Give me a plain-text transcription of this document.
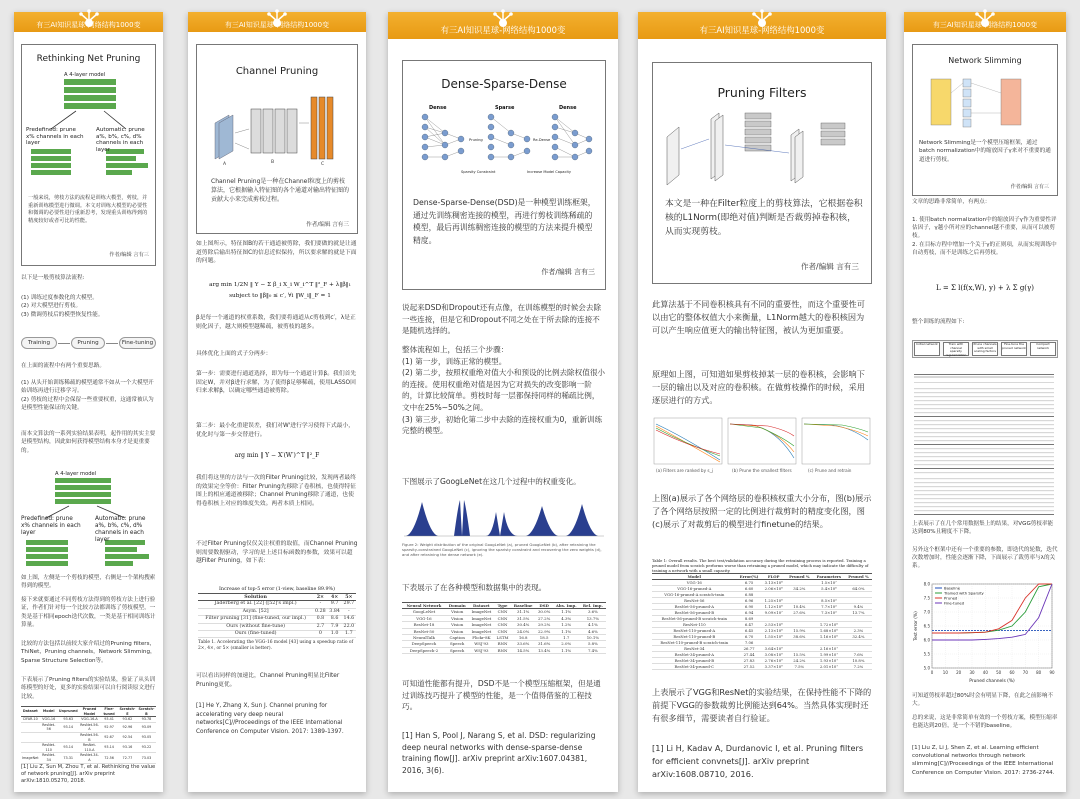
有三AI知识星球-网络结构1000变
Rethinking Net Pruning
A 4-layer model
Predefined: prune x% channels in each layer
Automatic: prune a%, b%, c%, d% channels in each layer
一般来说，剪枝方法的流程是训练大模型，剪枝，并重新训练模型进行微调。本文对训练大模型的必要性和微调的必要性进行重新思考，发现重头训练得到的精度较好或者可比的性能。
作者/编辑 言有三
以下是一般剪枝算法流程:
(1) 训练过度参数化的大模型。
(2) 对大模型进行剪枝。
(3) 微调剪枝后的模型恢复性能。
Training	Pruning	Fine-tuning
在上面的流程中有两个重要思路。
(1) 从头开始训练稀疏的模型通常不如从一个大模型开始训练再进行迁移学习。
(2) 剪枝的过程中会保留一些重要权重，这通常被认为是模型性能保证的关键。
而本文算法的一系列实验结果表明，起作用的其实主要是模型结构，因此如何获得模型结构本身才是更重要的。
A 4-layer model
Predefined: prune x% channels in each layer
Automatic: prune a%, b%, c%, d% channels in each layer
如上图，左侧是一个剪枝的模型，右侧是一个架构搜索得到的模型。
接下来就要通过不同剪枝方法得到的剪枝方法上进行验证，作者们针对每一个比较方法都训练了剪枝模型，一类是基于相同epoch迭代次数，一类是基于相同训练计算量。
比较的方法包括以前较大家介绍过的Pruning filters，ThiNet，Pruning channels，Network Slimming，Sparse Structure Selection等。
下表展示了Pruning filters的实验结果，验证了从头训练模型的好处，更多的实验结果可以自行阅读原文进行比较。
Dataset	Model	Unpruned	Pruned Model	Fine-tuned	Scratch-E	Scratch-B
CIFAR-10	VGG-16	93.63	VGG-16-A	93.41	93.62	93.78
	ResNet-56	93.14	ResNet-56-A	92.97	92.96	93.09
			ResNet-56-B	92.67	92.54	93.05
	ResNet-110	93.14	ResNet-110-A	93.14	93.16	93.22
ImageNet	ResNet-34	73.31	ResNet-34-A	72.56	72.77	73.03
[1] Liu Z, Sun M, Zhou T, et al. Rethinking the value of network pruning[J]. arXiv preprint arXiv:1810.05270, 2018.
有三AI知识星球-网络结构1000变
Channel Pruning
A	B	C
Channel Pruning是一种在Channel粒度上的剪枝算法，它根据输入特征图的各个通道对输出特征图的贡献大小来完成剪枝过程。
作者/编辑 言有三
如上图所示，特征图B的若干通道被剪除，我们要做的就是让通道剪除后输出特征图C的信息近似保持，所以要求解的就是下面的问题。
arg min 1/2N ‖ Y − Σ β_i X_i W_i^T ‖²_F + λ‖β‖₁
subject to ‖β‖₀ ≤ c′, ∀i ‖W_i‖_F = 1
β是每一个通道的权重系数，我们要将通道从c剪枝到c′，λ是正则化因子，越大则模型越稀疏，被剪枝的越多。
具体优化上面的式子分两步：
第一步：需要进行通道选择，即为每一个通道计算β。我们首先固定W，并对β进行求解，为了使得β足够稀疏，使用LASSO回归来求解β，以确定哪些通道被剪除。
第二步：最小化重建误差，我们对W'进行学习使得下式最小，优化时与第一步交替进行。
arg min ‖ Y − X′(W′)^T ‖²_F
我们将这里的方法与一次的Filter Pruning比较，发现两者最终的效果完全等价：Filter Pruning先移除了卷积核，也使得特征图上的相应通道被移除；Channel Pruning移除了通道，也使得卷积核上对应的维度失效。两者本质上相同。
不过Filter Pruning仅仅关注权重的取值，而Channel Pruning则需要数据驱动，学习的是上述目标函数的参数，效果可以超越Filter Pruning，如下表：
Increase of top-5 error (1-view, baseline 89.9%)
Solution	2×	4×	5×
Jaderberg et al. [22] ([52]'s impl.)	-	9.7	29.7
Asym. [52]	0.28	3.84	-
Filter pruning [31] (fine-tuned, our impl.)	0.8	8.6	14.6
Ours (without fine-tune)	2.7	7.9	22.0
Ours (fine-tuned)	0	1.0	1.7
Table 1. Accelerating the VGG-16 model [43] using a speedup ratio of 2×, 4×, or 5× (smaller is better).
可以看出同样的加速比，Channel Pruning明显比Filter Pruning更优。
[1] He Y, Zhang X, Sun J. Channel pruning for accelerating very deep neural networks[C]//Proceedings of the IEEE International Conference on Computer Vision. 2017: 1389-1397.
有三AI知识星球-网络结构1000变
Dense-Sparse-Dense
Dense	Sparse	Dense
Pruning	Re-Dense
Sparsity Constraint	Increase Model Capacity
Dense-Sparse-Dense(DSD)是一种模型训练框架，通过先训练稠密连接的模型，再进行剪枝训练稀疏的模型，最后再训练稠密连接的模型的方法来提升模型精度。
作者/编辑 言有三
说起来DSD和Dropout还有点像，在训练模型的时候会去除一些连接，但是它和Dropout不同之处在于所去除的连接不是随机选择的。
整体流程如上，包括三个步骤：
(1) 第一步，训练正常的模型。
(2) 第二步，按照权重绝对值大小和预设的比例去除权值很小的连接。使用权重绝对值是因为它对损失的改变影响一阶的，计算比较简单。剪枝时每一层都保持同样的稀疏比例，文中在25%~50%之间。
(3) 第三步，初始化第二步中去除的连接权重为0，重新训练完整的模型。
下图展示了GoogLeNet在这几个过程中的权重变化。
Figure 2: Weight distribution of the original GoogLeNet (a), pruned GoogLeNet (b), after retraining the sparsity-constrained GoogLeNet (c), ignoring the sparisty constraint and recovering the zero weights (d), and after retraining the dense network (e).
下表展示了在各种模型和数据集中的表现。
Neural Network	Domain	Dataset	Type	Baseline	DSD	Abs. Imp.	Rel. Imp.
GoogLeNet	Vision	ImageNet	CNN	31.1%	30.0%	1.1%	3.6%
VGG-16	Vision	ImageNet	CNN	31.5%	27.2%	4.3%	13.7%
ResNet-18	Vision	ImageNet	CNN	30.4%	29.2%	1.2%	4.1%
ResNet-50	Vision	ImageNet	CNN	24.0%	22.9%	1.1%	4.6%
NeuralTalk	Caption	Flickr-8K	LSTM	16.8	18.5	1.7	10.1%
DeepSpeech	Speech	WSJ'93	RNN	33.6%	31.6%	2.0%	5.8%
DeepSpeech-2	Speech	WSJ'93	RNN	14.5%	13.4%	1.1%	7.4%
可知道性能都有提升，DSD不是一个模型压缩框架，但是通过训练技巧提升了模型的性能，是一个值得借鉴的工程技巧。
[1] Han S, Pool J, Narang S, et al. DSD: regularizing deep neural networks with dense-sparse-dense training flow[J]. arXiv preprint arXiv:1607.04381, 2016, 3(6).
有三AI知识星球-网络结构1000变
Pruning Filters
本文是一种在Filter粒度上的剪枝算法，它根据卷积核的L1Norm(即绝对值)判断是否裁剪掉卷积核，从而实现剪枝。
作者/编辑 言有三
此算法基于不同卷积核具有不同的重要性，而这个重要性可以由它的整体权值大小来衡量，L1Norm越大的卷积核因为可以产生响应值更大的输出特征图，被认为更加重要。
原理如上图，可知道如果剪枝掉某一层的卷积核，会影响下一层的输出以及对应的卷积核。在做剪枝操作的时候，采用逐层进行的方式。
(a) Filters are ranked by s_j	(b) Prune the smallest filters	(c) Prune and retrain
上图(a)展示了各个网络层的卷积核权重大小分布，图(b)展示了各个网络层按照一定的比例进行裁剪时的精度变化图，图(c)展示了对裁剪后的模型进行finetune的结果。
Table 1: Overall results. The best test/validation accuracy during the retraining process is reported. Training a pruned model from scratch performs worse than retraining a pruned model, which may indicate the difficulty of training a network with a small capacity.
Model	Error(%)	FLOP	Pruned %	Parameters	Pruned %
VGG-16	6.75	3.13×10⁸		1.5×10⁷	
VGG-16-pruned-A	6.60	2.06×10⁸	34.2%	5.4×10⁶	64.0%
VGG-16-pruned-A scratch-train	6.88				
ResNet-56	6.96	1.25×10⁸		8.5×10⁵	
ResNet-56-pruned-A	6.90	1.12×10⁸	10.4%	7.7×10⁵	9.4%
ResNet-56-pruned-B	6.94	9.09×10⁷	27.6%	7.3×10⁵	13.7%
ResNet-56-pruned-B scratch-train	8.69				
ResNet-110	6.47	2.53×10⁸		1.72×10⁶	
ResNet-110-pruned-A	6.45	2.13×10⁸	15.9%	1.68×10⁶	2.3%
ResNet-110-pruned-B	6.70	1.55×10⁸	38.6%	1.16×10⁶	32.4%
ResNet-110-pruned-B scratch-train	7.06				
ResNet-34	26.77	3.64×10⁹		2.16×10⁷	
ResNet-34-pruned-A	27.44	3.08×10⁹	15.5%	1.99×10⁷	7.6%
ResNet-34-pruned-B	27.83	2.76×10⁹	24.2%	1.93×10⁷	10.8%
ResNet-34-pruned-C	27.52	3.37×10⁹	7.5%	2.01×10⁷	7.2%
上表展示了VGG和ResNet的实验结果，在保持性能不下降的前提下VGG的参数裁剪比例能达到64%。当然具体实现时还有很多细节，需要读者自行验证。
[1] Li H, Kadav A, Durdanovic I, et al. Pruning filters for efficient convnets[J]. arXiv preprint arXiv:1608.08710, 2016.
有三AI知识星球-网络结构1000变
Network Slimming
Network Slimming是一个模型压缩框架，通过batch normalization中的缩放因子γ来对不重要的通道进行剪枝。
作者/编辑 言有三
文章的思路非常简单，有两点：
1. 使用batch normalization中的缩放因子γ作为重要性评估因子，γ越小所对应的channel越不重要，从而可以被剪枝。
2. 在目标方程中增加一个关于γ的正则项，从而实现训练中自动剪枝，而不是训练之后再剪枝。
L = Σ l(f(x,W), y) + λ Σ g(γ)
整个训练的流程如下:
Initial network	Train with channel sparsity regularization
Prune channels with small scaling factors
Fine-tune the pruned network
Compact network
上表展示了在几个常用数据集上的结果，对VGG剪枝率能达到80%且精度不下降。
另外这个框架中还有一个重要的参数，即迭代的轮数，迭代次数增加时，性能会逐渐下降，下面展示了裁剪率与λ的关系。
0 10 20 30 40 50 60 70 80 90
5.0
5.5
6.0
6.5
7.0
7.5
8.0
Baseline
Trained with Sparsity
Pruned
Fine-tuned
Pruned channels (%)
Test error (%)
可知道剪枝率超过80%时会有明显下降，在此之前影响不大。
总的来说，这是非常简单有效的一个剪枝方案，模型压缩率也能达到20倍，是一个不错的baseline。
[1] Liu Z, Li J, Shen Z, et al. Learning efficient convolutional networks through network slimming[C]//Proceedings of the IEEE International Conference on Computer Vision. 2017: 2736-2744.
